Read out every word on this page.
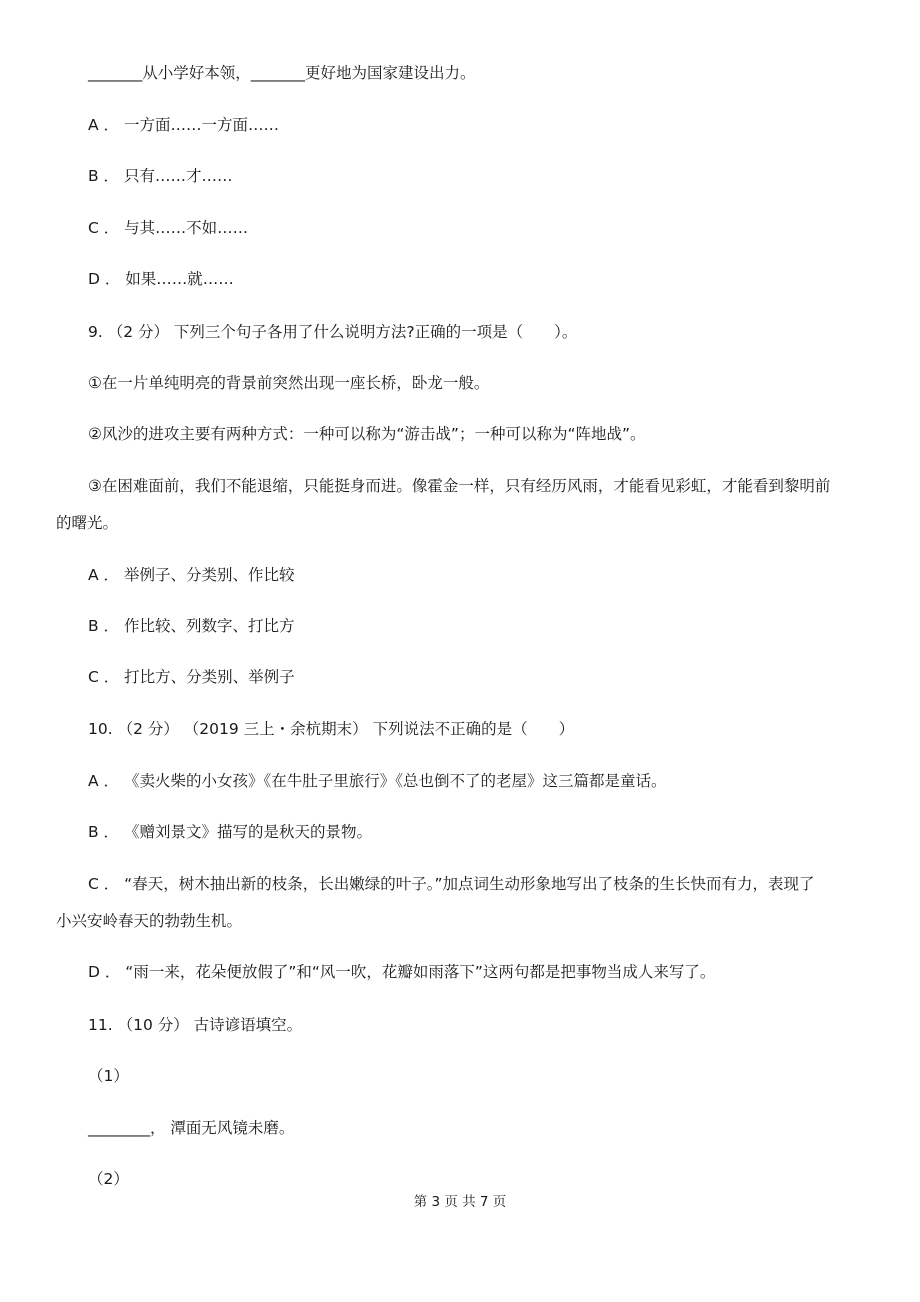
_______从小学好本领，_______更好地为国家建设出力。
A ． 一方面……一方面……
B ． 只有……才……
C ． 与其……不如……
D ． 如果……就……
9. （2 分） 下列三个句子各用了什么说明方法?正确的一项是（　　）。
①在一片单纯明亮的背景前突然出现一座长桥，卧龙一般。
②风沙的进攻主要有两种方式：一种可以称为“游击战”；一种可以称为“阵地战”。
③在困难面前，我们不能退缩，只能挺身而进。像霍金一样，只有经历风雨，才能看见彩虹，才能看到黎明前
的曙光。
A ． 举例子、分类别、作比较
B ． 作比较、列数字、打比方
C ． 打比方、分类别、举例子
10. （2 分） （2019 三上・余杭期末） 下列说法不正确的是（　　）
A ． 《卖火柴的小女孩》《在牛肚子里旅行》《总也倒不了的老屋》这三篇都是童话。
B ． 《赠刘景文》描写的是秋天的景物。
C ． “春天，树木抽出新的枝条，长出嫩绿的叶子。”加点词生动形象地写出了枝条的生长快而有力，表现了
小兴安岭春天的勃勃生机。
D ． “雨一来，花朵便放假了”和“风一吹，花瓣如雨落下”这两句都是把事物当成人来写了。
11. （10 分） 古诗谚语填空。
（1）
________， 潭面无风镜未磨。
（2）
第 3 页 共 7 页
